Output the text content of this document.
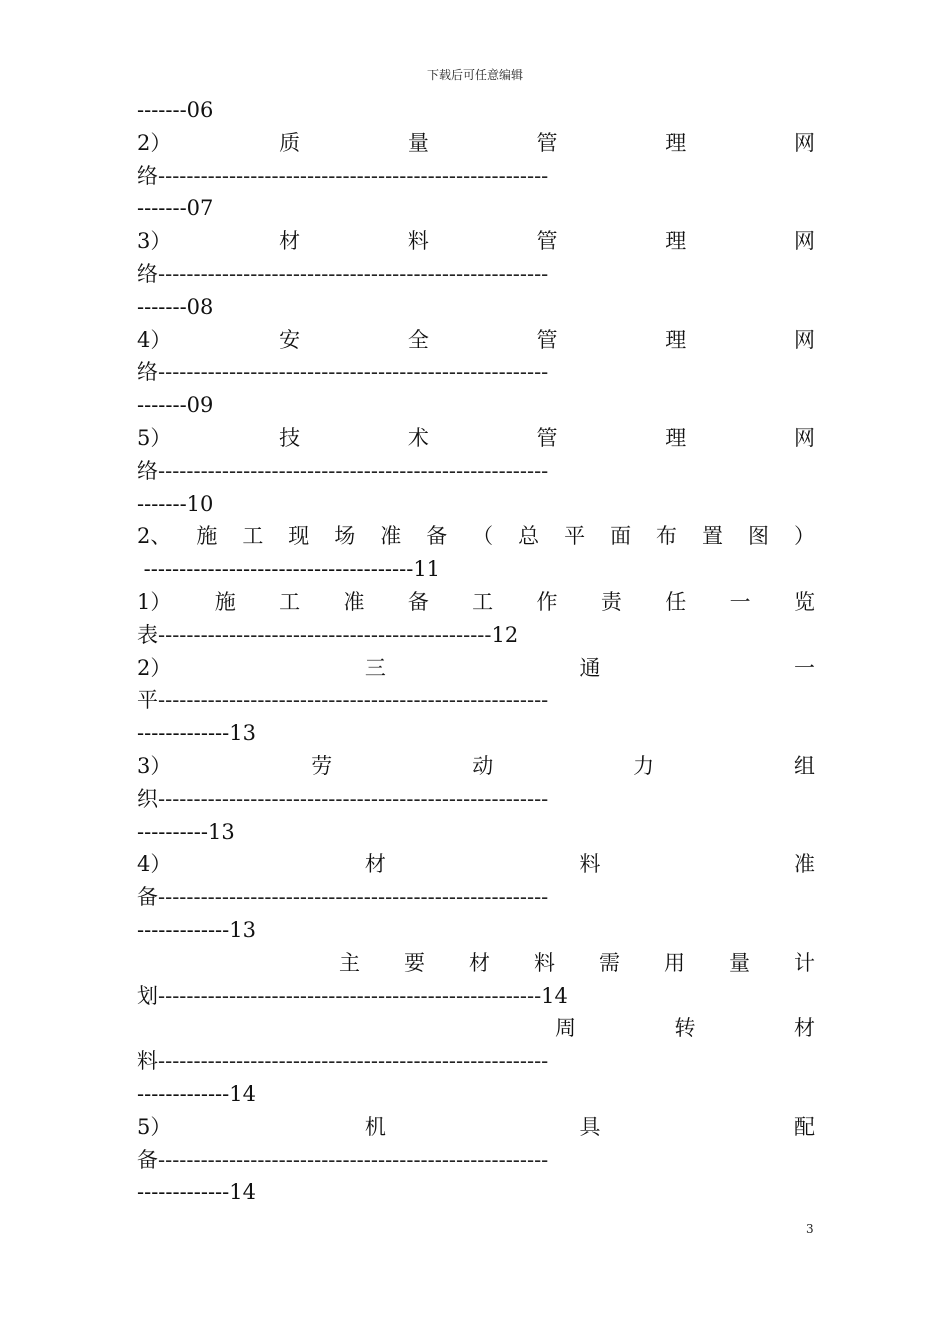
下载后可任意编辑
-------06
2）	质	量	管	理	网
络 -------------------------------------------------------
-------07
3）	材	料	管	理	网
络 -------------------------------------------------------
-------08
4）	安	全	管	理	网
络 -------------------------------------------------------
-------09
5）	技	术	管	理	网
络 -------------------------------------------------------
-------10
2、 施 工 现 场 准 备 （ 总 平 面 布 置 图 ）
--------------------------------------11
1） 施 工 准 备 工 作 责 任 一 览
表 ----------------------------------------------- 12
2）	三	通	一
平 -------------------------------------------------------
-------------13
3）	劳	动	力	组
织 -------------------------------------------------------
----------13
4）	材	料	准
备 -------------------------------------------------------
-------------13
主 要 材 料 需 用 量 计
划 ------------------------------------------------------ 14
周	转	材
料 -------------------------------------------------------
-------------14
5）	机	具	配
备 -------------------------------------------------------
-------------14
3
